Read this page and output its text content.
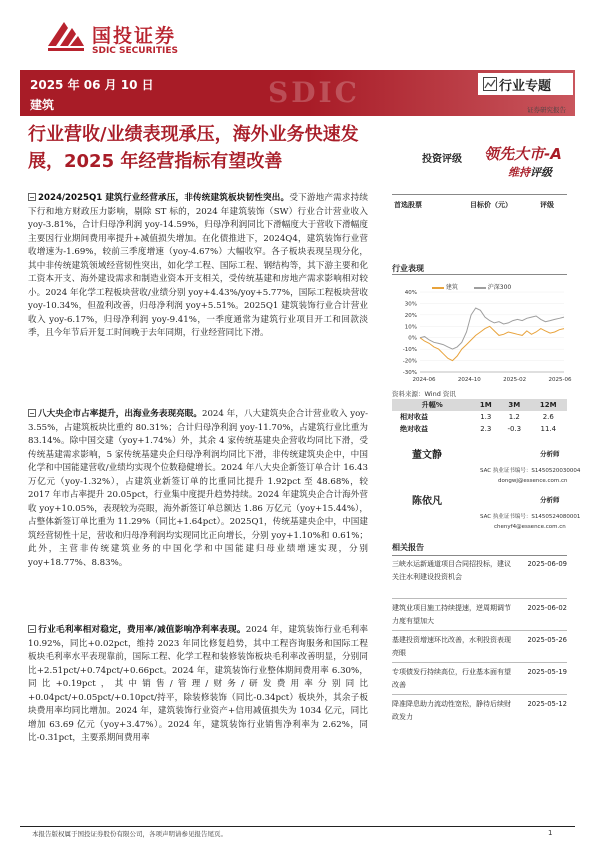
国投证券
SDIC SECURITIES
2025 年 06 月 10 日
建筑	SDIC	行业专题
证券研究报告
行业营收/业绩表现承压，海外业务快速发展，2025 年经营指标有望改善	投资评级 领先大市-A
维持评级
2024/2025Q1 建筑行业经营承压，非传统建筑板块韧性突出。受下游地产需求持续下行和地方财政压力影响，剔除 ST 标的，2024 年建筑装饰（SW）行业合计营业收入 yoy-3.81%，合计归母净利润 yoy-14.59%，归母净利润同比下滑幅度大于营收下滑幅度主要因行业期间费用率提升+减值损失增加。在化债推进下，2024Q4，建筑装饰行业营收增速为-1.69%，较前三季度增速（yoy-4.67%）大幅收窄。各子板块表现呈现分化，其中非传统建筑领域经营韧性突出，如化学工程、国际工程、钢结构等，其下游主要和化工资本开支、海外建设需求和制造业资本开支相关，受传统基建和房地产需求影响相对较小。2024 年化学工程板块营收/业绩分别 yoy+4.43%/yoy+5.77%，国际工程板块营收 yoy-10.34%，但盈利改善，归母净利润 yoy+5.51%。2025Q1 建筑装饰行业合计营业收入 yoy-6.17%，归母净利润 yoy-9.41%，一季度通常为建筑行业项目开工和回款淡季，且今年节后开复工时间晚于去年同期，行业经营同比下滑。
八大央企市占率提升，出海业务表现亮眼。2024 年，八大建筑央企合计营业收入 yoy-3.55%，占建筑板块比重约 80.31%；合计归母净利润 yoy-11.70%，占建筑行业比重为 83.14%。除中国交建（yoy+1.74%）外，其余 4 家传统基建央企营收均同比下滑，受传统基建需求影响，5 家传统基建央企归母净利润均同比下滑，非传统建筑央企中，中国化学和中国能建营收/业绩均实现个位数稳健增长。2024 年八大央企新签订单合计 16.43 万亿元（yoy-1.32%），占建筑业新签订单的比重同比提升 1.92pct 至 48.68%，较 2017 年市占率提升 20.05pct，行业集中度提升趋势持续。2024 年建筑央企合计海外营收 yoy+10.05%，表现较为亮眼，海外新签订单总额达 1.86 万亿元（yoy+15.44%），占整体新签订单比重为 11.29%（同比+1.64pct）。2025Q1，传统基建央企中，中国建筑经营韧性十足，营收和归母净利润均实现同比正向增长，分别 yoy+1.10%和 0.61%；此外，主营非传统建筑业务的中国化学和中国能建归母业绩增速实现，分别 yoy+18.77%、8.83%。
行业毛利率相对稳定，费用率/减值影响净利率表现。2024 年，建筑装饰行业毛利率 10.92%，同比+0.02pct，维持 2023 年同比修复趋势，其中工程咨询服务和国际工程板块毛利率水平表现靠前，国际工程、化学工程和装修装饰板块毛利率改善明显，分别同比+2.51pct/+0.74pct/+0.66pct。2024 年，建筑装饰行业整体期间费用率 6.30%，同比+0.19pct，其中销售/管理/财务/研发费用率分别同比+0.04pct/+0.05pct/+0.10pct/持平，除装修装饰（同比-0.34pct）板块外，其余子板块费用率均同比增加。2024 年，建筑装饰行业资产+信用减值损失为 1034 亿元，同比增加 63.69 亿元（yoy+3.47%）。2024 年，建筑装饰行业销售净利率为 2.62%，同比-0.31pct，主要系期间费用率
首选股票	目标价（元）	评级
行业表现
建筑	沪深300
40%
30%
20%
10%
0%
-10%
-20%
-30%
2024-06	2024-10	2025-02	2025-06
资料来源：Wind 资讯
升幅%	1M	3M	12M
相对收益	1.3	1.2	2.6
绝对收益	2.3	-0.3	11.4
董文静	分析师
SAC 执业证书编号：S1450520030004
dongwj@essence.com.cn
陈依凡	分析师
SAC 执业证书编号：S1450524080001
chenyf4@essence.com.cn
相关报告
三峡水运新通道项目合同招投标，建议关注水利建设投资机会
2025-06-09
建筑业项目施工持续提速，逆周期调节力度有望加大
2025-06-02
基建投资增速环比改善，水利投资表现亮眼
2025-05-26
专项债发行持续高位，行业基本面有望改善
2025-05-19
降准降息助力流动性宽松，静待后续财政发力
2025-05-12
本报告版权属于国投证券股份有限公司，各项声明请参见报告尾页。	1
